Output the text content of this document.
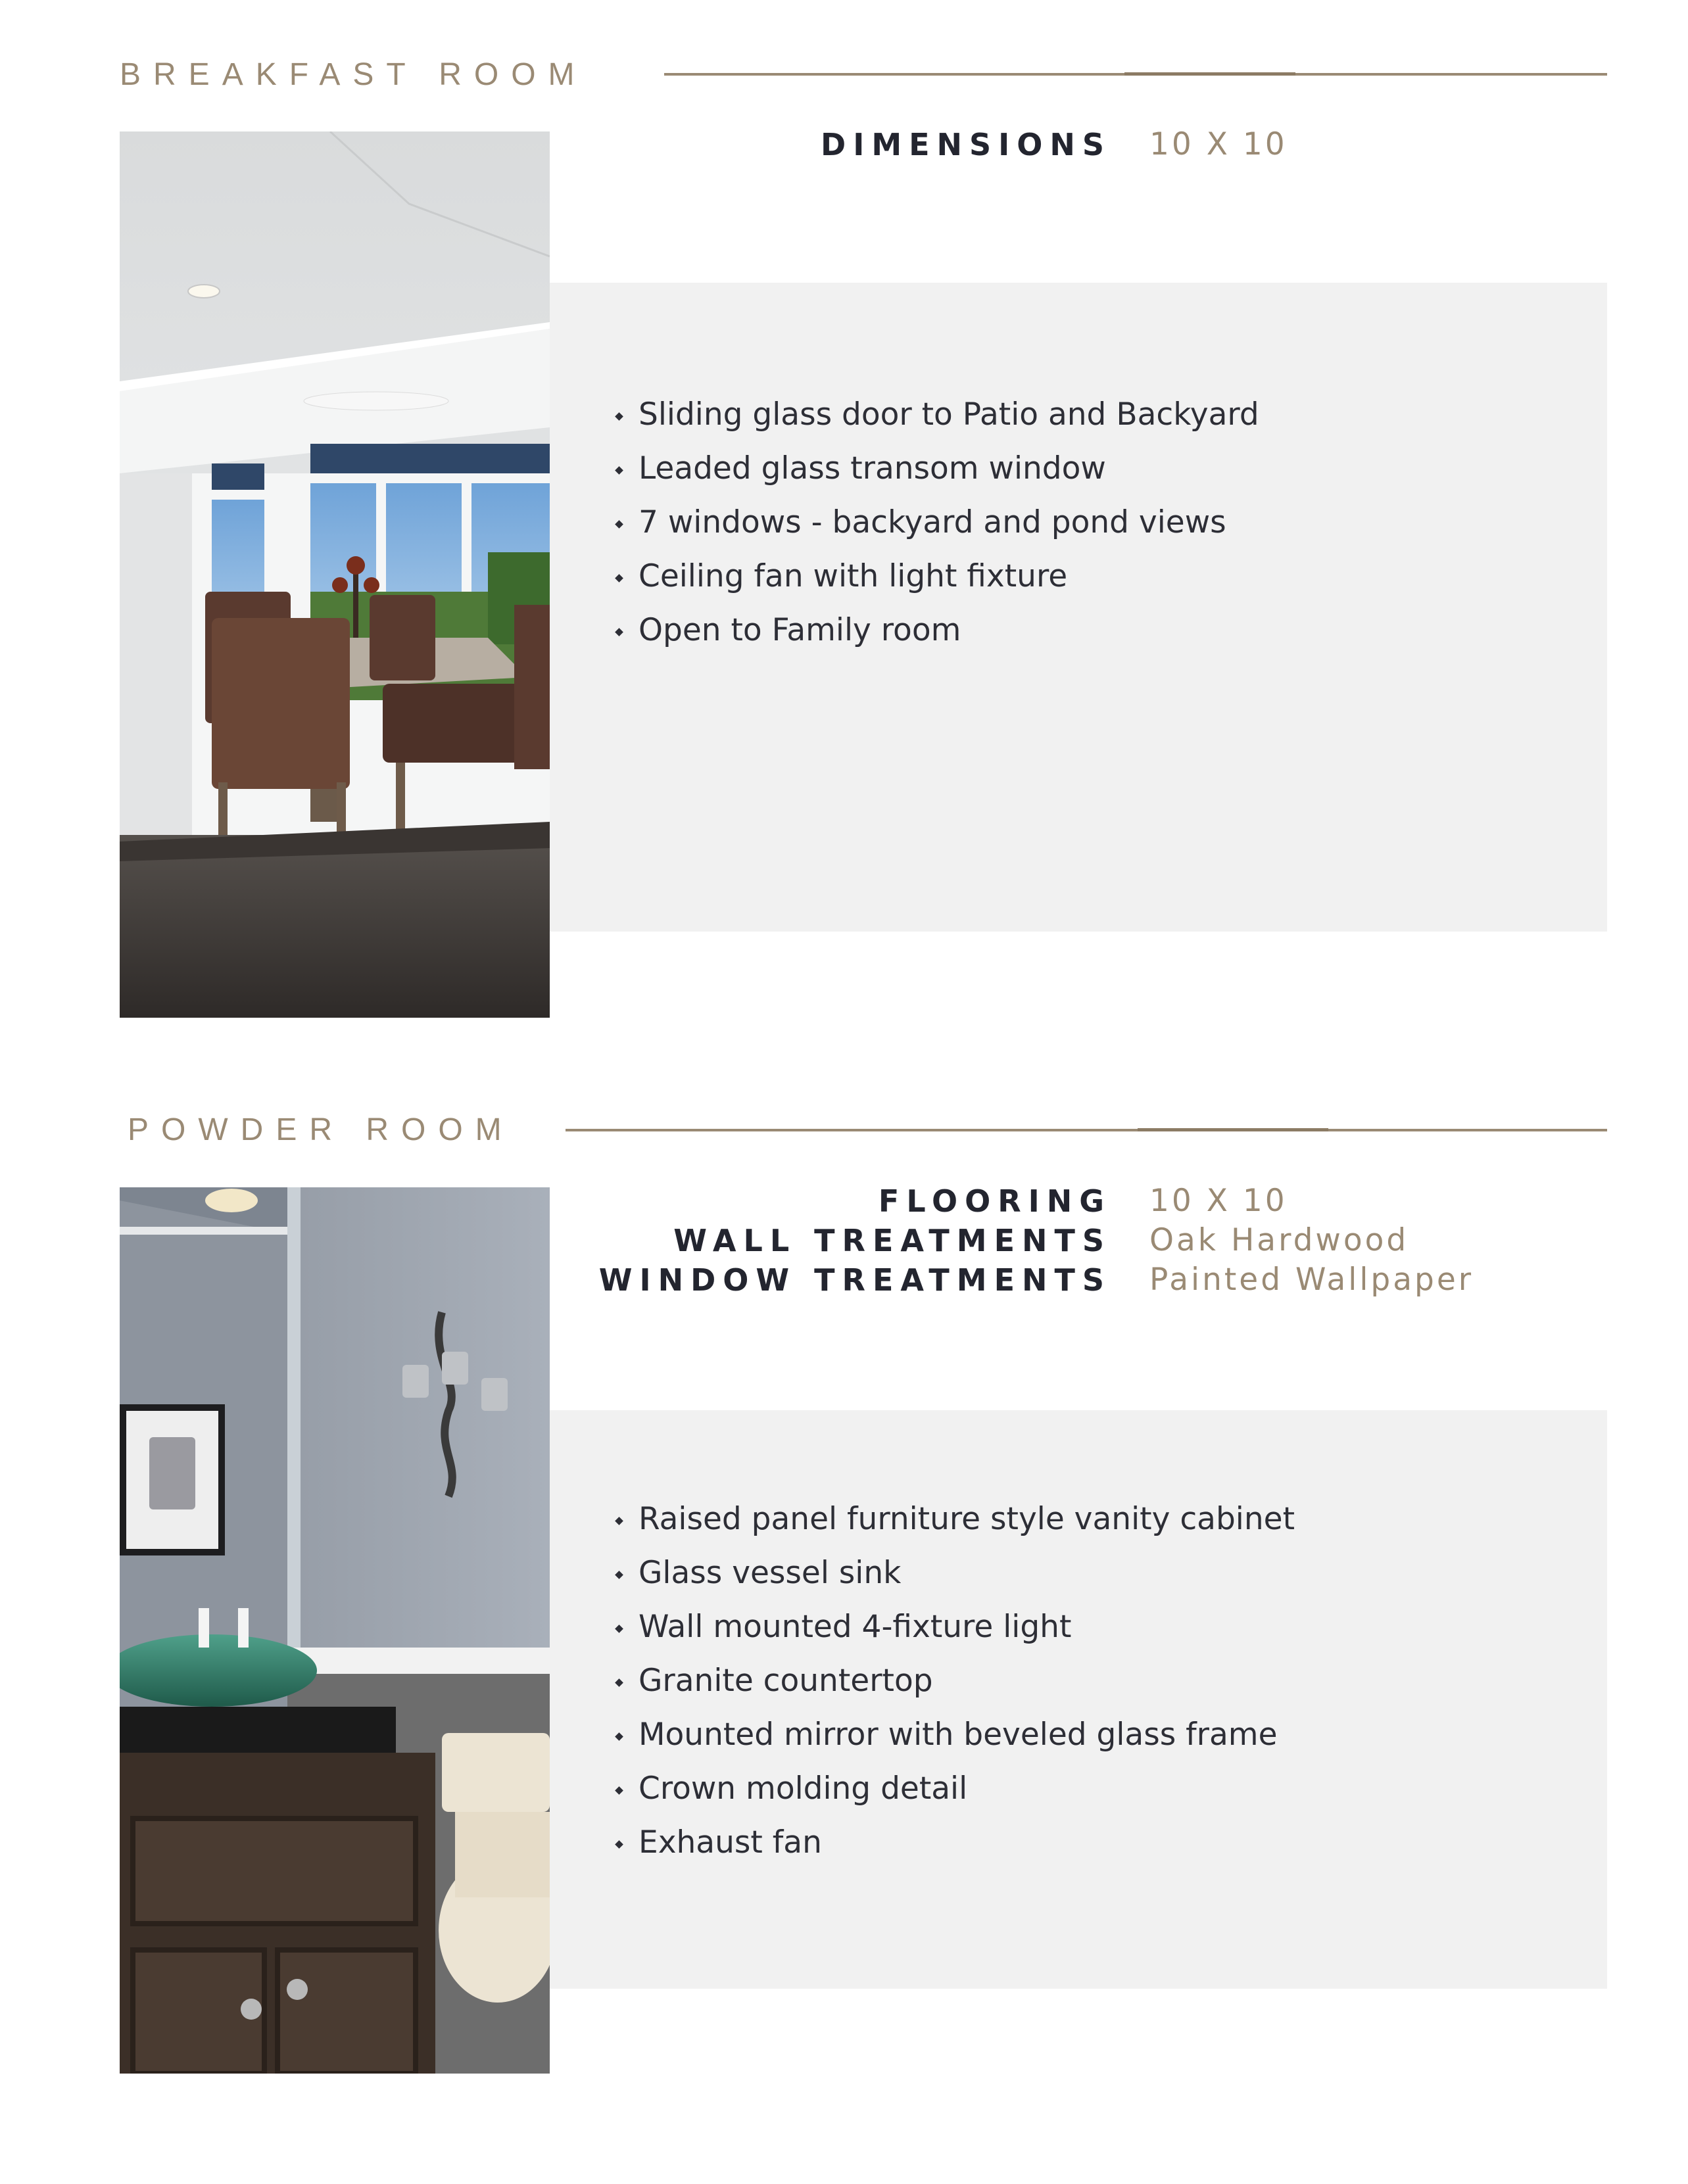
BREAKFAST ROOM
DIMENSIONS 10 X 10
Sliding glass door to Patio and Backyard
Leaded glass transom window
7 windows - backyard and pond views
Ceiling fan with light fixture
Open to Family room
POWDER ROOM
FLOORING
WALL TREATMENTS
WINDOW TREATMENTS
10 X 10
Oak Hardwood
Painted Wallpaper
Raised panel furniture style vanity cabinet
Glass vessel sink
Wall mounted 4-fixture light
Granite countertop
Mounted mirror with beveled glass frame
Crown molding detail
Exhaust fan
